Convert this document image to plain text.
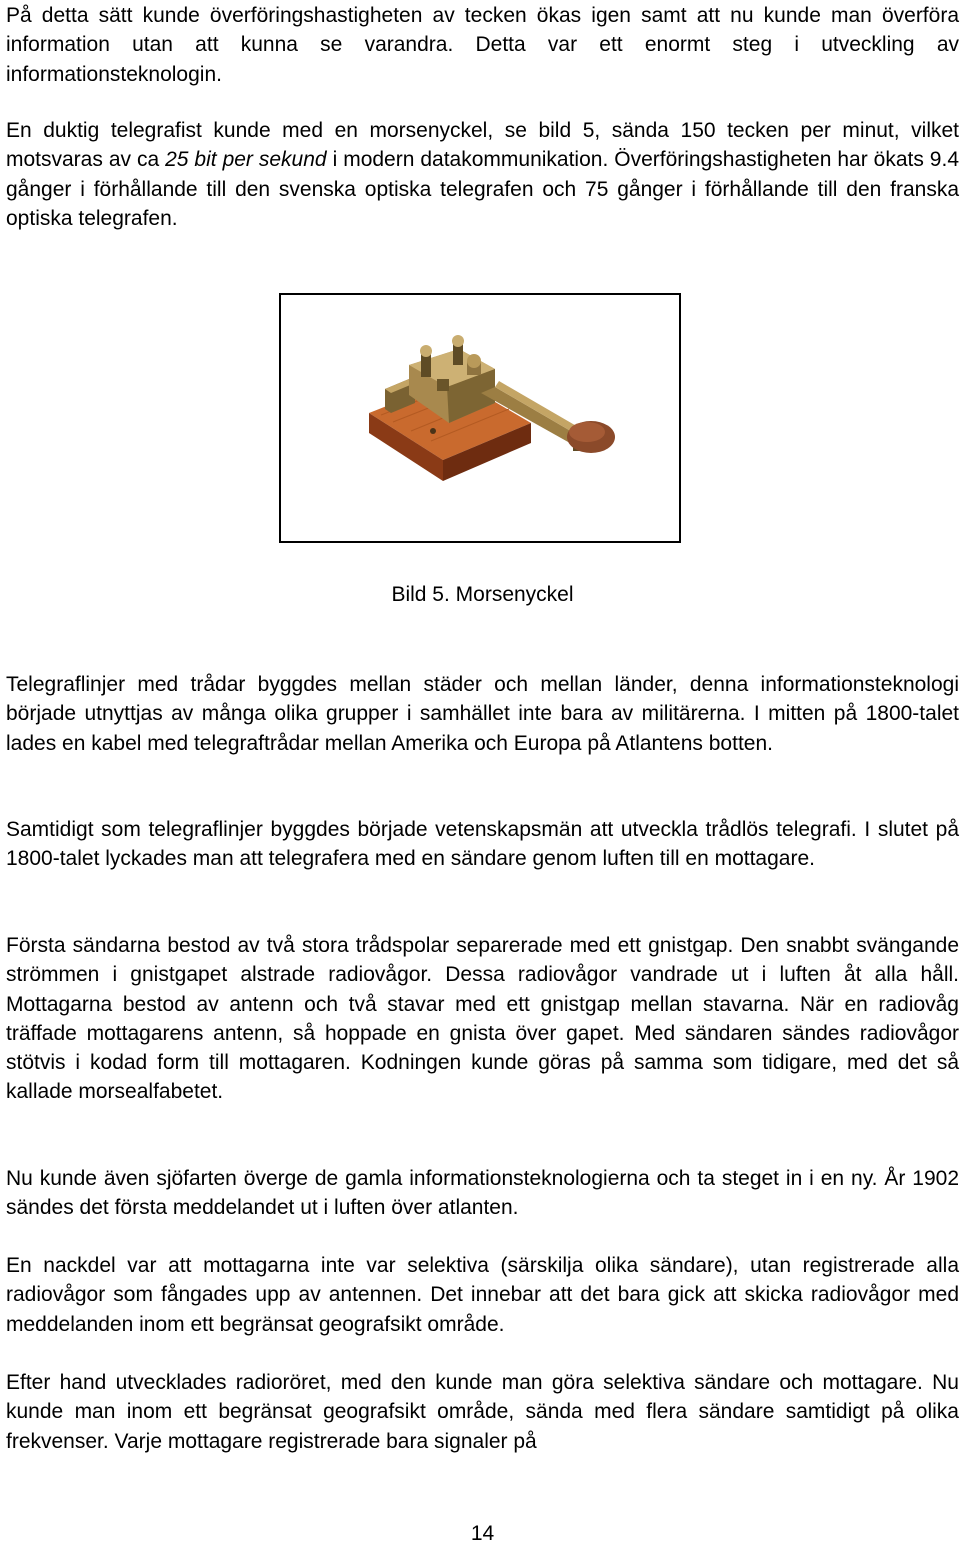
På detta sätt kunde överföringshastigheten av tecken ökas igen samt att nu kunde man överföra information utan att kunna se varandra. Detta var ett enormt steg i utveckling av informationsteknologin.

En duktig telegrafist kunde med en morsenyckel, se bild 5, sända 150 tecken per minut, vilket motsvaras av ca 25 bit per sekund i modern datakommunikation. Överföringshastigheten har ökats 9.4 gånger i förhållande till den svenska optiska telegrafen och 75 gånger i förhållande till den franska optiska telegrafen.

Bild 5. Morsenyckel

Telegraflinjer med trådar byggdes mellan städer och mellan länder, denna informationsteknologi började utnyttjas av många olika grupper i samhället inte bara av militärerna. I mitten på 1800-talet lades en kabel med telegraftrådar mellan Amerika och Europa på Atlantens botten.

Samtidigt som telegraflinjer byggdes började vetenskapsmän att utveckla trådlös telegrafi. I slutet på 1800-talet lyckades man att telegrafera med en sändare genom luften till en mottagare.

Första sändarna bestod av två stora trådspolar separerade med ett gnistgap. Den snabbt svängande strömmen i gnistgapet alstrade radiovågor. Dessa radiovågor vandrade ut i luften åt alla håll. Mottagarna bestod av antenn och två stavar med ett gnistgap mellan stavarna. När en radiovåg träffade mottagarens antenn, så hoppade en gnista över gapet. Med sändaren sändes radiovågor stötvis i kodad form till mottagaren. Kodningen kunde göras på samma som tidigare, med det så kallade morsealfabetet.

Nu kunde även sjöfarten överge de gamla informationsteknologierna och ta steget in i en ny. År 1902 sändes det första meddelandet ut i luften över atlanten.

En nackdel var att mottagarna inte var selektiva (särskilja olika sändare), utan registrerade alla radiovågor som fångades upp av antennen. Det innebar att det bara gick att skicka radiovågor med meddelanden inom ett begränsat geografsikt område.

Efter hand utvecklades radioröret, med den kunde man göra selektiva sändare och mottagare. Nu kunde man inom ett begränsat geografsikt område, sända med flera sändare samtidigt på olika frekvenser. Varje mottagare registrerade bara signaler på

14
